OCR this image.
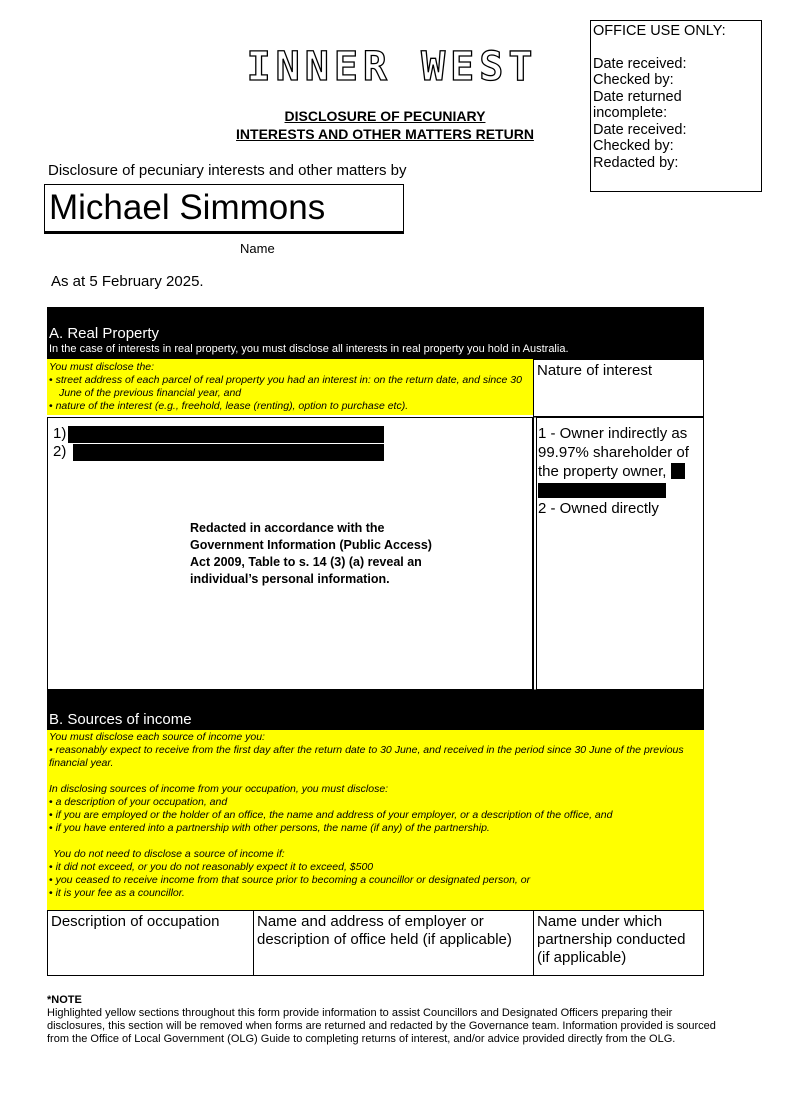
OFFICE USE ONLY:
Date received:
Checked by:
Date returned
incomplete:
Date received:
Checked by:
Redacted by:
INNER WEST
DISCLOSURE OF PECUNIARY
INTERESTS AND OTHER MATTERS RETURN
Disclosure of pecuniary interests and other matters by
Michael Simmons
Name
As at 5 February 2025.
A. Real Property
In the case of interests in real property, you must disclose all interests in real property you hold in Australia.
You must disclose the:
• street address of each parcel of real property you had an interest in: on the return date, and since 30 June of the previous financial year, and
• nature of the interest (e.g., freehold, lease (renting), option to purchase etc).
Nature of interest
1)
2)
Redacted in accordance with the Government Information (Public Access) Act 2009, Table to s. 14 (3) (a) reveal an individual’s personal information.
1 - Owner indirectly as 99.97% shareholder of the property owner,
2 - Owned directly
B. Sources of income
You must disclose each source of income you:
• reasonably expect to receive from the first day after the return date to 30 June, and received in the period since 30 June of the previous financial year.
In disclosing sources of income from your occupation, you must disclose:
• a description of your occupation, and
• if you are employed or the holder of an office, the name and address of your employer, or a description of the office, and
• if you have entered into a partnership with other persons, the name (if any) of the partnership.
You do not need to disclose a source of income if:
• it did not exceed, or you do not reasonably expect it to exceed, $500
• you ceased to receive income from that source prior to becoming a councillor or designated person, or
• it is your fee as a councillor.
Description of occupation	Name and address of employer or description of office held (if applicable)
Name under which partnership conducted (if applicable)
*NOTE
Highlighted yellow sections throughout this form provide information to assist Councillors and Designated Officers preparing their disclosures, this section will be removed when forms are returned and redacted by the Governance team. Information provided is sourced from the Office of Local Government (OLG) Guide to completing returns of interest, and/or advice provided directly from the OLG.
